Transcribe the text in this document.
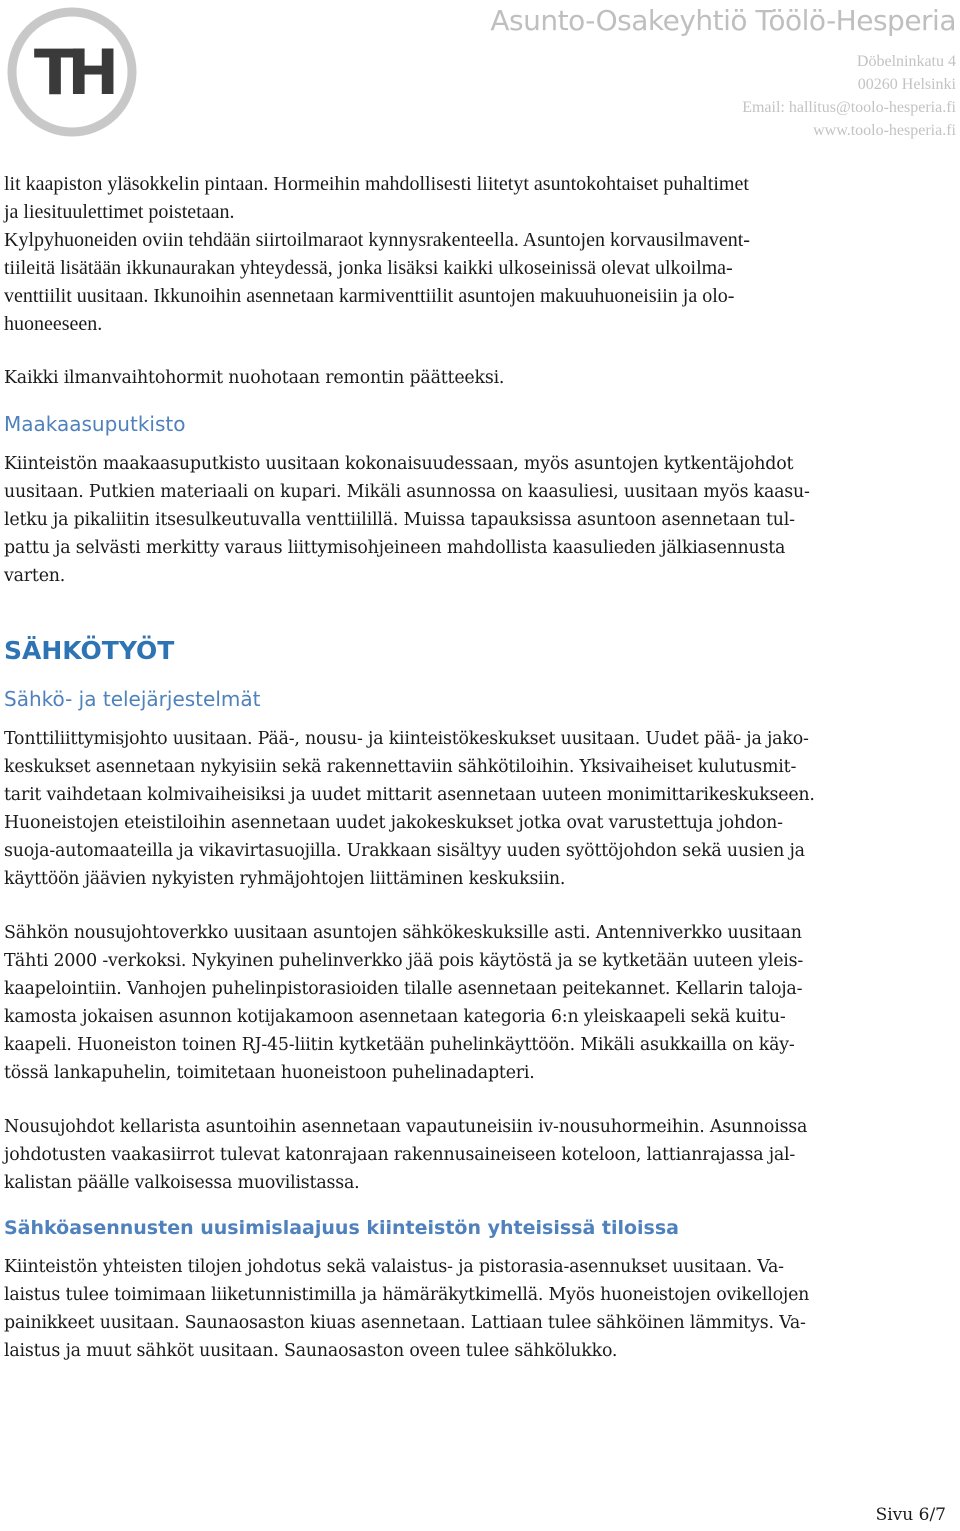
TH
Asunto-Osakeyhtiö Töölö-Hesperia
Döbelninkatu 4
00260 Helsinki
Email: hallitus@toolo-hesperia.fi
www.toolo-hesperia.fi
lit kaapiston yläsokkelin pintaan. Hormeihin mahdollisesti liitetyt asuntokohtaiset puhaltimet
ja liesituulettimet poistetaan.
Kylpyhuoneiden oviin tehdään siirtoilmaraot kynnysrakenteella. Asuntojen korvausilmavent-
tiileitä lisätään ikkunaurakan yhteydessä, jonka lisäksi kaikki ulkoseinissä olevat ulkoilma-
venttiilit uusitaan. Ikkunoihin asennetaan karmiventtiilit asuntojen makuuhuoneisiin ja olo-
huoneeseen.

Kaikki ilmanvaihtohormit nuohotaan remontin päätteeksi.

Maakaasuputkisto
Kiinteistön maakaasuputkisto uusitaan kokonaisuudessaan, myös asuntojen kytkentäjohdot
uusitaan. Putkien materiaali on kupari. Mikäli asunnossa on kaasuliesi, uusitaan myös kaasu-
letku ja pikaliitin itsesulkeutuvalla venttiilillä. Muissa tapauksissa asuntoon asennetaan tul-
pattu ja selvästi merkitty varaus liittymisohjeineen mahdollista kaasulieden jälkiasennusta
varten.
SÄHKÖTYÖT
Sähkö- ja telejärjestelmät
Tonttiliittymisjohto uusitaan. Pää-, nousu- ja kiinteistökeskukset uusitaan. Uudet pää- ja jako-
keskukset asennetaan nykyisiin sekä rakennettaviin sähkötiloihin. Yksivaiheiset kulutusmit-
tarit vaihdetaan kolmivaiheisiksi ja uudet mittarit asennetaan uuteen monimittarikeskukseen.
Huoneistojen eteistiloihin asennetaan uudet jakokeskukset jotka ovat varustettuja johdon-
suoja-automaateilla ja vikavirtasuojilla. Urakkaan sisältyy uuden syöttöjohdon sekä uusien ja
käyttöön jäävien nykyisten ryhmäjohtojen liittäminen keskuksiin.
Sähkön nousujohtoverkko uusitaan asuntojen sähkökeskuksille asti. Antenniverkko uusitaan
Tähti 2000 -verkoksi. Nykyinen puhelinverkko jää pois käytöstä ja se kytketään uuteen yleis-
kaapelointiin. Vanhojen puhelinpistorasioiden tilalle asennetaan peitekannet. Kellarin taloja-
kamosta jokaisen asunnon kotijakamoon asennetaan kategoria 6:n yleiskaapeli sekä kuitu-
kaapeli. Huoneiston toinen RJ-45-liitin kytketään puhelinkäyttöön. Mikäli asukkailla on käy-
tössä lankapuhelin, toimitetaan huoneistoon puhelinadapteri.
Nousujohdot kellarista asuntoihin asennetaan vapautuneisiin iv-nousuhormeihin. Asunnoissa
johdotusten vaakasiirrot tulevat katonrajaan rakennusaineiseen koteloon, lattianrajassa jal-
kalistan päälle valkoisessa muovilistassa.
Sähköasennusten uusimislaajuus kiinteistön yhteisissä tiloissa
Kiinteistön yhteisten tilojen johdotus sekä valaistus- ja pistorasia-asennukset uusitaan. Va-
laistus tulee toimimaan liiketunnistimilla ja hämäräkytkimellä. Myös huoneistojen ovikellojen
painikkeet uusitaan. Saunaosaston kiuas asennetaan. Lattiaan tulee sähköinen lämmitys. Va-
laistus ja muut sähköt uusitaan. Saunaosaston oveen tulee sähkölukko.
Sivu 6/7
